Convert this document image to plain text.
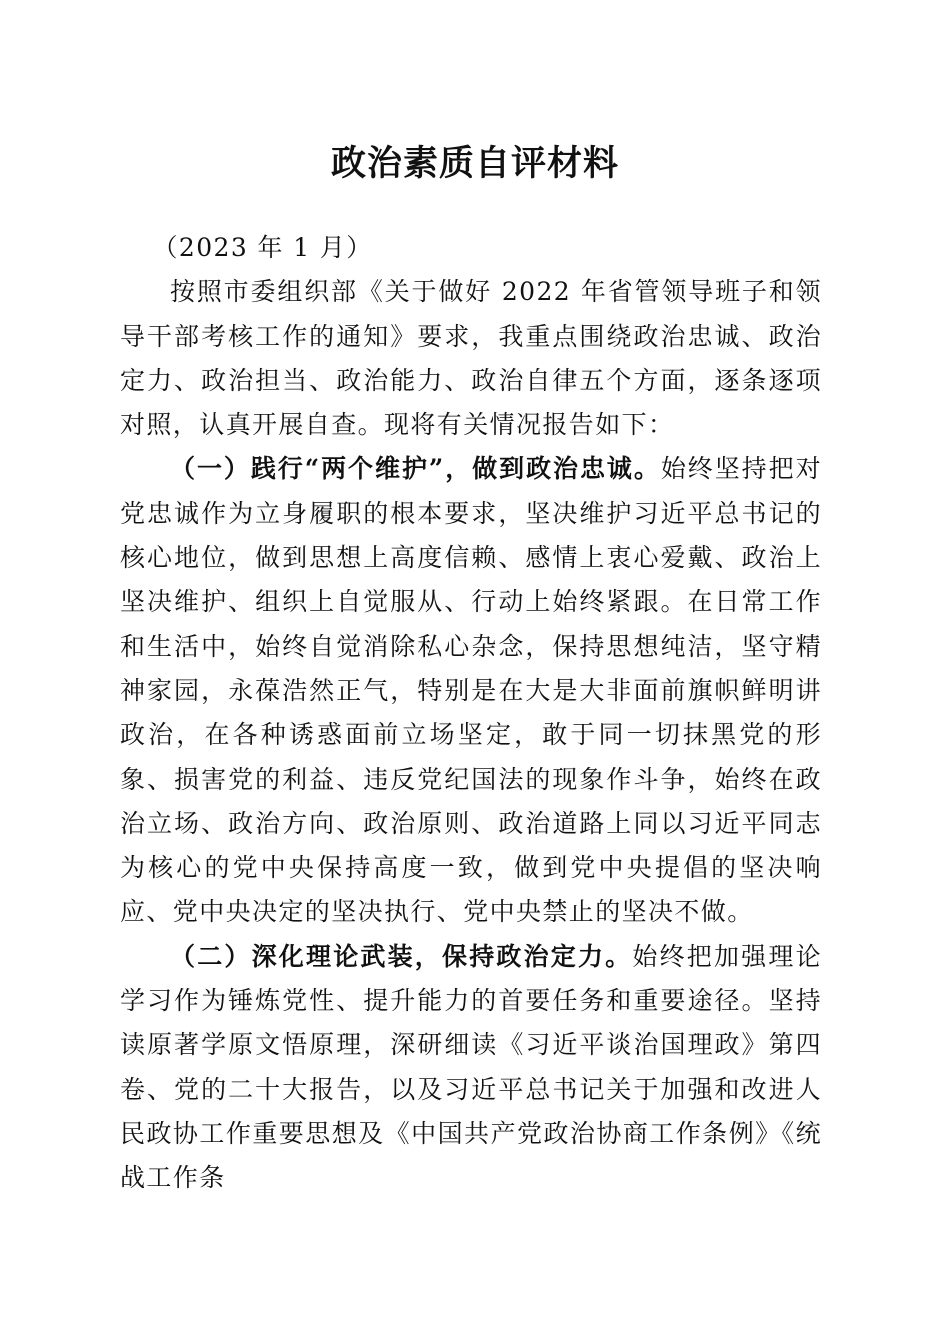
政治素质自评材料

（2023 年 1 月）

按照市委组织部《关于做好 2022 年省管领导班子和领导干部考核工作的通知》要求，我重点围绕政治忠诚、政治定力、政治担当、政治能力、政治自律五个方面，逐条逐项对照，认真开展自查。现将有关情况报告如下：

（一）践行“两个维护”，做到政治忠诚。始终坚持把对党忠诚作为立身履职的根本要求，坚决维护习近平总书记的核心地位，做到思想上高度信赖、感情上衷心爱戴、政治上坚决维护、组织上自觉服从、行动上始终紧跟。在日常工作和生活中，始终自觉消除私心杂念，保持思想纯洁，坚守精神家园，永葆浩然正气，特别是在大是大非面前旗帜鲜明讲政治，在各种诱惑面前立场坚定，敢于同一切抹黑党的形象、损害党的利益、违反党纪国法的现象作斗争，始终在政治立场、政治方向、政治原则、政治道路上同以习近平同志为核心的党中央保持高度一致，做到党中央提倡的坚决响应、党中央决定的坚决执行、党中央禁止的坚决不做。

（二）深化理论武装，保持政治定力。始终把加强理论学习作为锤炼党性、提升能力的首要任务和重要途径。坚持读原著学原文悟原理，深研细读《习近平谈治国理政》第四卷、党的二十大报告，以及习近平总书记关于加强和改进人民政协工作重要思想及《中国共产党政治协商工作条例》《统战工作条
